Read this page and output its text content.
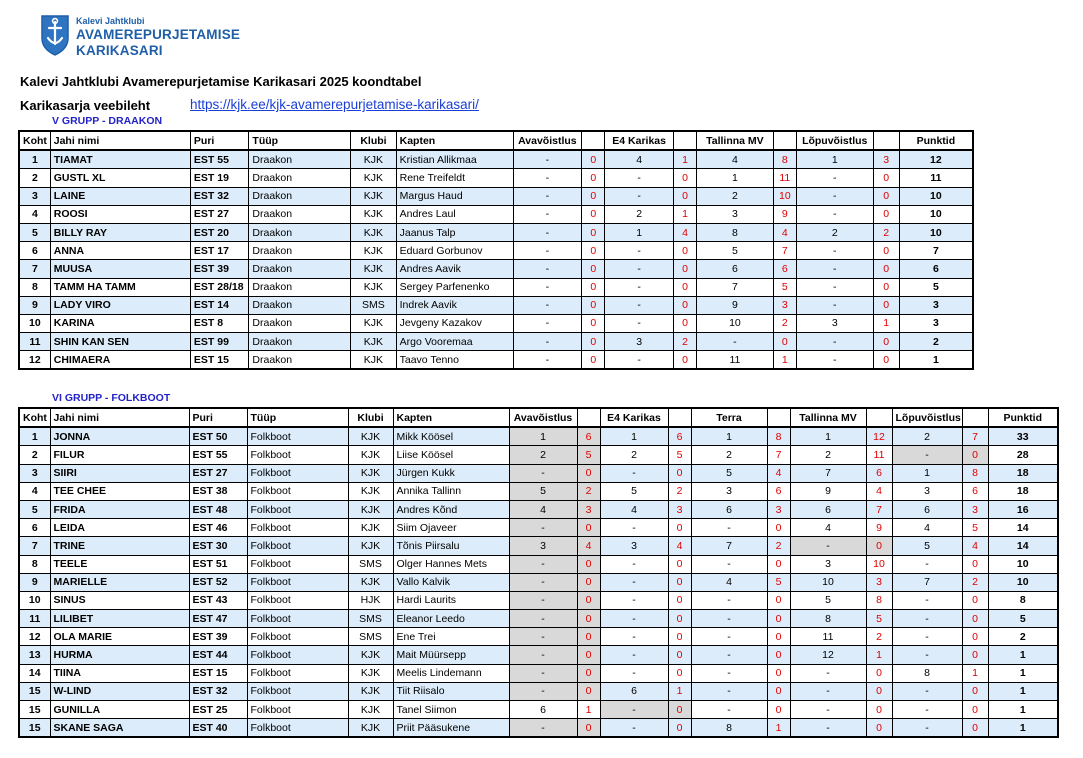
Kalevi Jahtklubi
AVAMEREPURJETAMISE
KARIKASARI
Kalevi Jahtklubi Avamerepurjetamise Karikasari 2025 koondtabel
Karikasarja veebileht	https://kjk.ee/kjk-avamerepurjetamise-karikasari/
V GRUPP - DRAAKON
Koht	Jahi nimi	Puri	Tüüp	Klubi	Kapten	Avavõistlus		E4 Karikas		Tallinna MV		Lõpuvõistlus		Punktid
1	TIAMAT	EST 55	Draakon	KJK	Kristian Allikmaa	-	0	4	1	4	8	1	3	12
2	GUSTL XL	EST 19	Draakon	KJK	Rene Treifeldt	-	0	-	0	1	11	-	0	11
3	LAINE	EST 32	Draakon	KJK	Margus Haud	-	0	-	0	2	10	-	0	10
4	ROOSI	EST 27	Draakon	KJK	Andres Laul	-	0	2	1	3	9	-	0	10
5	BILLY RAY	EST 20	Draakon	KJK	Jaanus Talp	-	0	1	4	8	4	2	2	10
6	ANNA	EST 17	Draakon	KJK	Eduard Gorbunov	-	0	-	0	5	7	-	0	7
7	MUUSA	EST 39	Draakon	KJK	Andres Aavik	-	0	-	0	6	6	-	0	6
8	TAMM HA TAMM	EST 28/18	Draakon	KJK	Sergey Parfenenko	-	0	-	0	7	5	-	0	5
9	LADY VIRO	EST 14	Draakon	SMS	Indrek Aavik	-	0	-	0	9	3	-	0	3
10	KARINA	EST 8	Draakon	KJK	Jevgeny Kazakov	-	0	-	0	10	2	3	1	3
11	SHIN KAN SEN	EST 99	Draakon	KJK	Argo Vooremaa	-	0	3	2	-	0	-	0	2
12	CHIMAERA	EST 15	Draakon	KJK	Taavo Tenno	-	0	-	0	11	1	-	0	1
VI GRUPP - FOLKBOOT
Koht	Jahi nimi	Puri	Tüüp	Klubi	Kapten	Avavõistlus		E4 Karikas		Terra		Tallinna MV		Lõpuvõistlus		Punktid
1	JONNA	EST 50	Folkboot	KJK	Mikk Köösel	1	6	1	6	1	8	1	12	2	7	33
2	FILUR	EST 55	Folkboot	KJK	Liise Köösel	2	5	2	5	2	7	2	11	-	0	28
3	SIIRI	EST 27	Folkboot	KJK	Jürgen Kukk	-	0	-	0	5	4	7	6	1	8	18
4	TEE CHEE	EST 38	Folkboot	KJK	Annika Tallinn	5	2	5	2	3	6	9	4	3	6	18
5	FRIDA	EST 48	Folkboot	KJK	Andres Kõnd	4	3	4	3	6	3	6	7	6	3	16
6	LEIDA	EST 46	Folkboot	KJK	Siim Ojaveer	-	0	-	0	-	0	4	9	4	5	14
7	TRINE	EST 30	Folkboot	KJK	Tõnis Piirsalu	3	4	3	4	7	2	-	0	5	4	14
8	TEELE	EST 51	Folkboot	SMS	Olger Hannes Mets	-	0	-	0	-	0	3	10	-	0	10
9	MARIELLE	EST 52	Folkboot	KJK	Vallo Kalvik	-	0	-	0	4	5	10	3	7	2	10
10	SINUS	EST 43	Folkboot	HJK	Hardi Laurits	-	0	-	0	-	0	5	8	-	0	8
11	LILIBET	EST 47	Folkboot	SMS	Eleanor Leedo	-	0	-	0	-	0	8	5	-	0	5
12	OLA MARIE	EST 39	Folkboot	SMS	Ene Trei	-	0	-	0	-	0	11	2	-	0	2
13	HURMA	EST 44	Folkboot	KJK	Mait Müürsepp	-	0	-	0	-	0	12	1	-	0	1
14	TIINA	EST 15	Folkboot	KJK	Meelis Lindemann	-	0	-	0	-	0	-	0	8	1	1
15	W-LIND	EST 32	Folkboot	KJK	Tiit Riisalo	-	0	6	1	-	0	-	0	-	0	1
15	GUNILLA	EST 25	Folkboot	KJK	Tanel Siimon	6	1	-	0	-	0	-	0	-	0	1
15	SKANE SAGA	EST 40	Folkboot	KJK	Priit Pääsukene	-	0	-	0	8	1	-	0	-	0	1
